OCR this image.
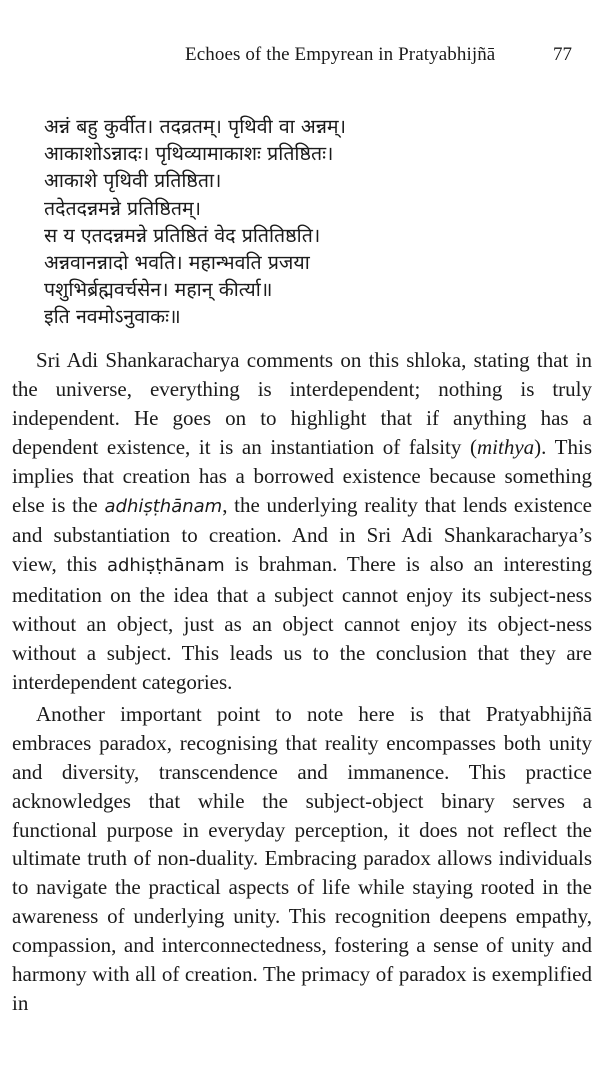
Echoes of the Empyrean in Pratyabhijñā	77
अन्नं बहु कुर्वीत। तदव्रतम्। पृथिवी वा अन्नम्।
आकाशोऽन्नादः। पृथिव्यामाकाशः प्रतिष्ठितः।
आकाशे पृथिवी प्रतिष्ठिता।
तदेतदन्नमन्ने प्रतिष्ठितम्।
स य एतदन्नमन्ने प्रतिष्ठितं वेद प्रतितिष्ठति।
अन्नवानन्नादो भवति। महान्भवति प्रजया
पशुभिर्ब्रह्मवर्चसेन। महान् कीर्त्या॥
इति नवमोऽनुवाकः॥

Sri Adi Shankaracharya comments on this shloka, stating that in the universe, everything is interdependent; nothing is truly independent. He goes on to highlight that if anything has a dependent existence, it is an instantiation of falsity (mithya). This implies that creation has a borrowed existence because something else is the adhiṣṭhānam, the underlying reality that lends existence and substantiation to creation. And in Sri Adi Shankaracharya’s view, this adhiṣṭhānam is brahman. There is also an interesting meditation on the idea that a subject cannot enjoy its subject-ness without an object, just as an object cannot enjoy its object-ness without a subject. This leads us to the conclusion that they are interdependent categories.

Another important point to note here is that Pratyabhijñā embraces paradox, recognising that reality encompasses both unity and diversity, transcendence and immanence. This practice acknowledges that while the subject-object binary serves a functional purpose in everyday perception, it does not reflect the ultimate truth of non-duality. Embracing paradox allows individuals to navigate the practical aspects of life while staying rooted in the awareness of underlying unity. This recognition deepens empathy, compassion, and interconnectedness, fostering a sense of unity and harmony with all of creation. The primacy of paradox is exemplified in
